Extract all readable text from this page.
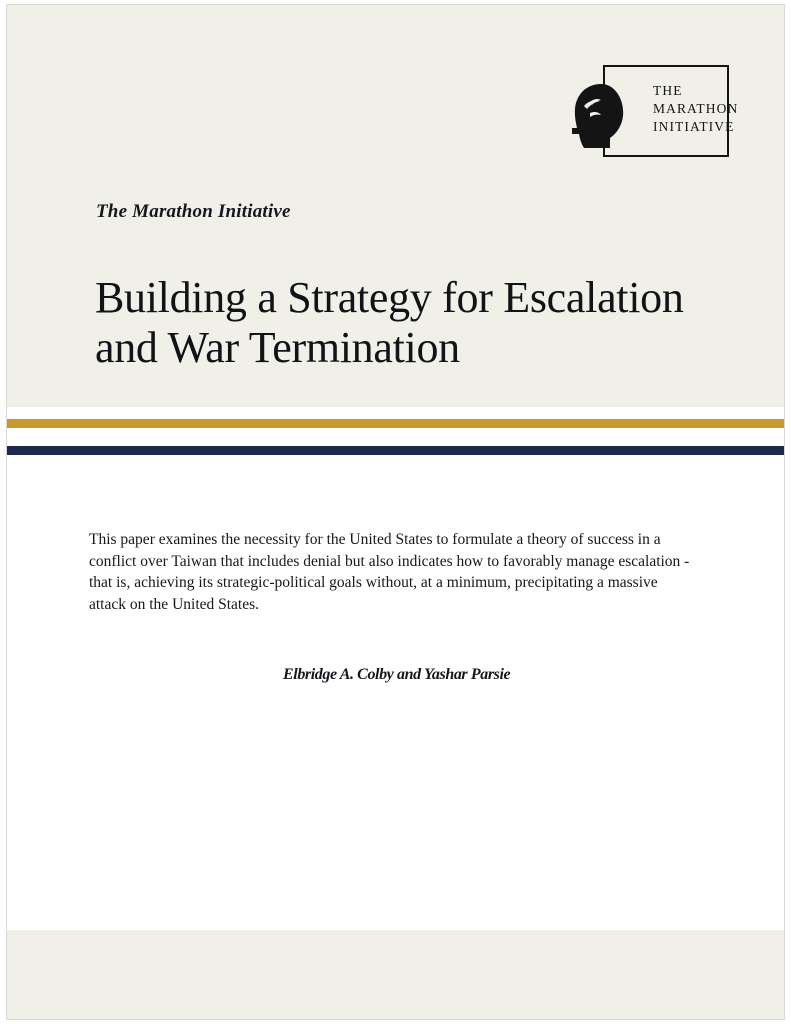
THE
MARATHON
INITIATIVE
The Marathon Initiative
Building a Strategy for Escalation
and War Termination
This paper examines the necessity for the United States to formulate a theory of success in a conflict over Taiwan that includes denial but also indicates how to favorably manage escalation - that is, achieving its strategic-political goals without, at a minimum, precipitating a massive attack on the United States.
Elbridge A. Colby and Yashar Parsie
